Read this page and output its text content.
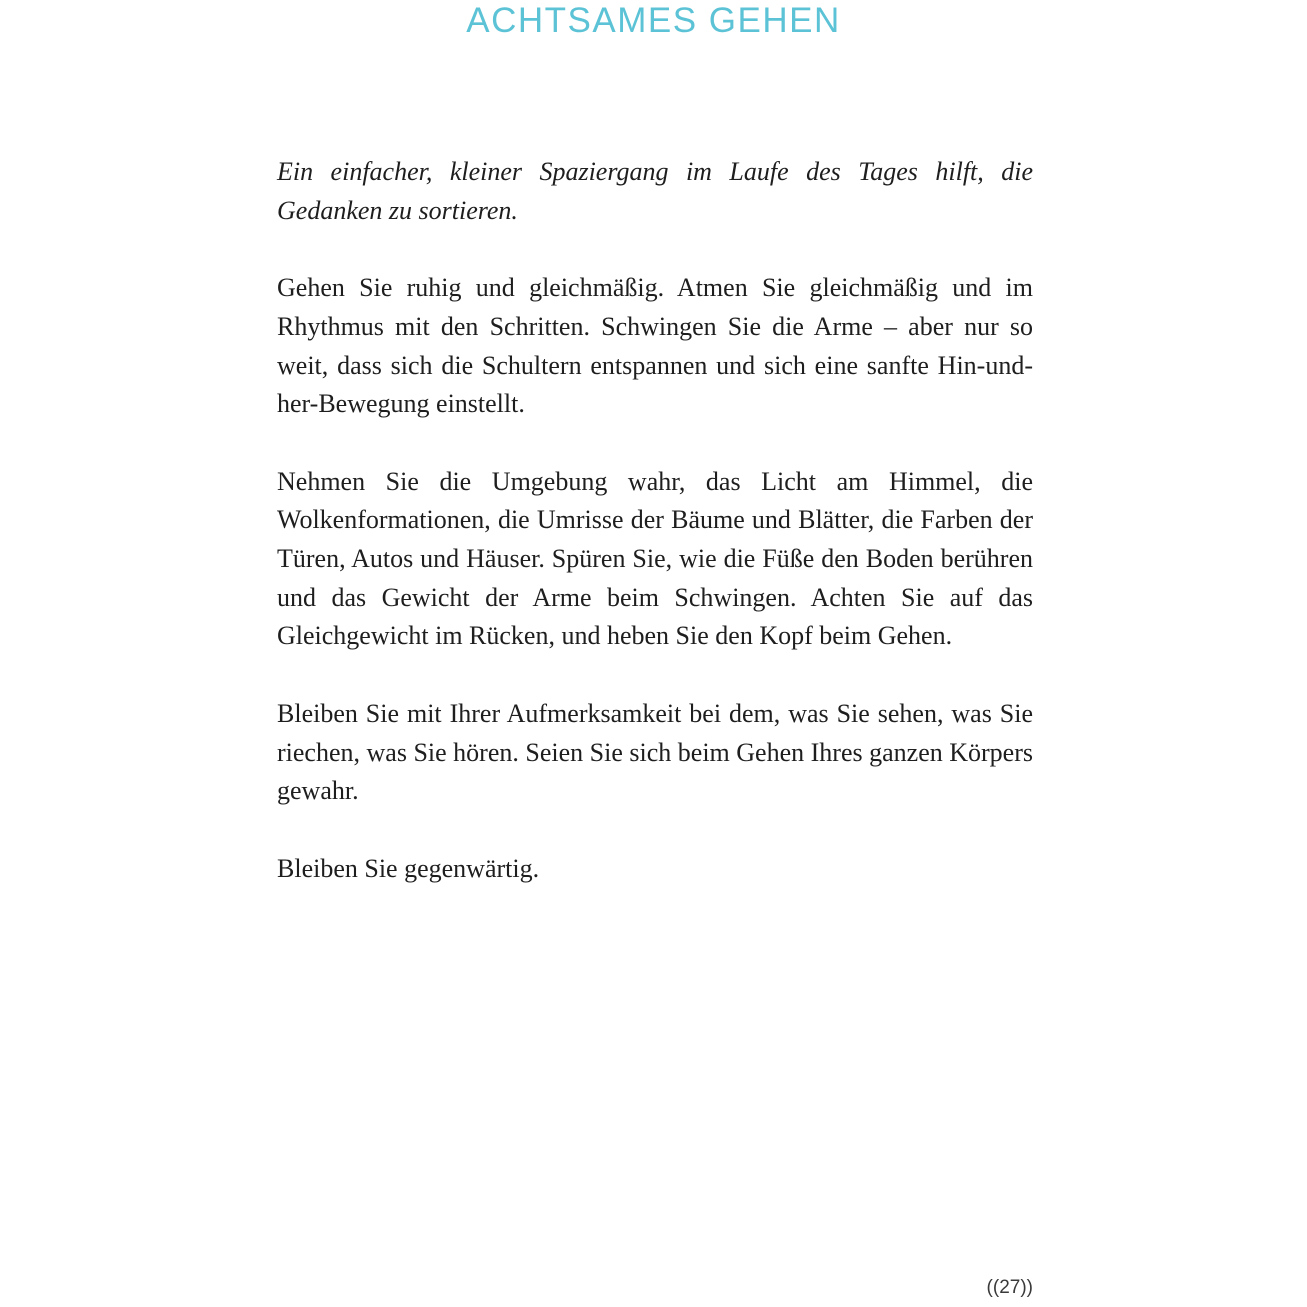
ACHTSAMES GEHEN

Ein einfacher, kleiner Spaziergang im Laufe des Tages hilft, die Gedanken zu sortieren.

Gehen Sie ruhig und gleichmäßig. Atmen Sie gleichmäßig und im Rhythmus mit den Schritten. Schwingen Sie die Arme – aber nur so weit, dass sich die Schultern entspannen und sich eine sanfte Hin-und-her-Bewegung einstellt.

Nehmen Sie die Umgebung wahr, das Licht am Himmel, die Wolkenformationen, die Umrisse der Bäume und Blätter, die Farben der Türen, Autos und Häuser. Spüren Sie, wie die Füße den Boden berühren und das Gewicht der Arme beim Schwingen. Achten Sie auf das Gleichgewicht im Rücken, und heben Sie den Kopf beim Gehen.

Bleiben Sie mit Ihrer Aufmerksamkeit bei dem, was Sie sehen, was Sie riechen, was Sie hören. Seien Sie sich beim Gehen Ihres ganzen Körpers gewahr.

Bleiben Sie gegenwärtig.

((27))
